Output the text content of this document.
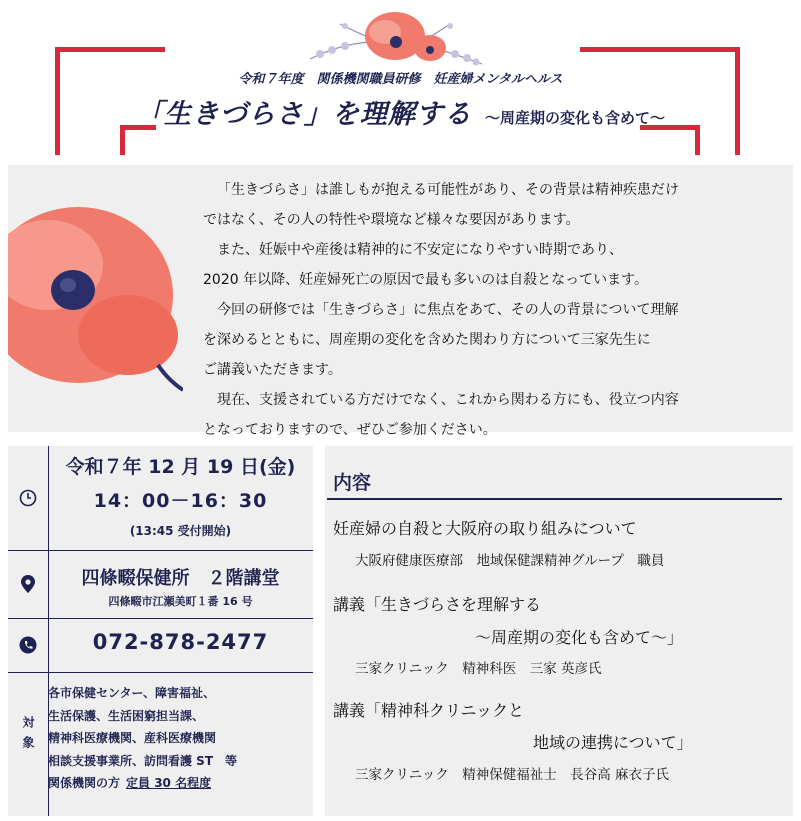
令和７年度　関係機関職員研修　妊産婦メンタルヘルス
「生きづらさ」を理解する ～周産期の変化も含めて～

「生きづらさ」は誰しもが抱える可能性があり、その背景は精神疾患だけ

ではなく、その人の特性や環境など様々な要因があります。

　また、妊娠中や産後は精神的に不安定になりやすい時期であり、

2020 年以降、妊産婦死亡の原因で最も多いのは自殺となっています。

　今回の研修では「生きづらさ」に焦点をあて、その人の背景について理解

を深めるとともに、周産期の変化を含めた関わり方について三家先生に

ご講義いただきます。

　現在、支援されている方だけでなく、これから関わる方にも、役立つ内容

となっておりますので、ぜひご参加ください。

令和７年 12 月 19 日(金)
14：00－16：30
(13:45 受付開始)
四條畷保健所　２階講堂
四條畷市江瀬美町１番 16 号
072-878-2477
対象

各市保健センター、障害福祉、

生活保護、生活困窮担当課、

精神科医療機関、産科医療機関

相談支援事業所、訪問看護 ST　等

関係機関の方 定員 30 名程度

内容
妊産婦の自殺と大阪府の取り組みについて
大阪府健康医療部　地域保健課精神グループ　職員
講義「生きづらさを理解する
～周産期の変化も含めて～」
三家クリニック　精神科医　三家 英彦氏
講義「精神科クリニックと
地域の連携について」
三家クリニック　精神保健福祉士　長谷高 麻衣子氏
